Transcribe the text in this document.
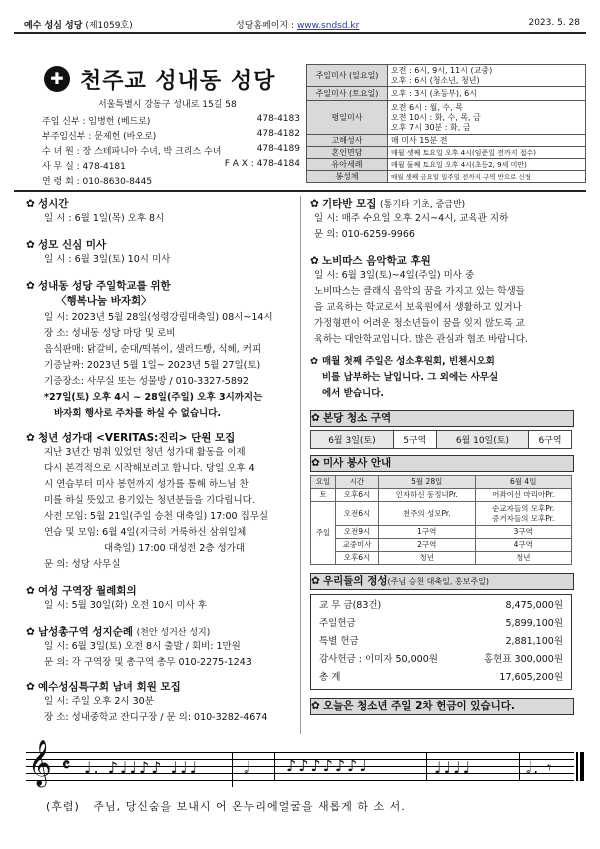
예수 성심 성당 (제1059호)	성당홈페이지 : www.sndsd.kr	2023. 5. 28
✚ 천주교 성내동 성당
서울특별시 강동구 성내로 15길 58
주임 신부 : 임병헌 (베드로)	478-4183
부주임신부 : 문제헌 (바오로)	478-4182
수 녀 원 : 장 스테파니아 수녀, 박 크리스 수녀	478-4189
사 무 실 : 478-4181	F A X : 478-4184
연 령 회 : 010-8630-8445
주일미사 (일요일)	오전 : 6시, 9시, 11시 (교중)
오후 : 6시 (청소년, 청년)

주일미사 (토요일)	오후 : 3시 (초등부), 6시
평일미사	오전 6시 : 월, 수, 목
오전 10시 : 화, 수, 목, 금
오후 7시 30분 : 화, 금

고해성사	매 미사 15분 전
혼인면담	매월 셋째 토요일 오후 4시(임준일 전까지 접수)
유아세례	매월 둘째 토요일 오후 4시(초등2, 9세 미만)
봉성체	매월 셋째 금요일 일주일 전까지 구역 반으로 신청
✿ 성시간
일 시 : 6월 1일(목) 오후 8시
✿ 성모 신심 미사
일 시 : 6월 3일(토) 10시 미사
✿ 성내동 성당 주일학교를 위한
〈행복나눔 바자회〉
일 시: 2023년 5월 28일(성령강림대축일) 08시~14시
장 소: 성내동 성당 마당 및 로비
음식판매: 닭갈비, 순대/떡볶이, 샐러드빵, 식혜, 커피
기증날짜: 2023년 5월 1일~ 2023년 5월 27일(토)
기증장소: 사무실 또는 성물방 / 010-3327-5892
*27일(토) 오후 4시 ~ 28일(주일) 오후 3시까지는
바자회 행사로 주차를 하실 수 없습니다.
✿ 청년 성가대 <VERITAS:진리> 단원 모집
지난 3년간 멈춰 있었던 청년 성가대 활동을 이제
다시 본격적으로 시작해보려고 합니다. 당일 오후 4
시 연습부터 미사 봉헌까지 성가를 통해 하느님 찬
미를 하실 뜻있고 용기있는 청년분들을 기다립니다.
사전 모임: 5월 21일(주일 승천 대축일) 17:00 집무실
연습 및 모임: 6월 4일(지극히 거룩하신 삼위일체
대축일) 17:00 대성전 2층 성가대
문 의: 성당 사무실
✿ 여성 구역장 월례회의
일 시: 5월 30일(화) 오전 10시 미사 후
✿ 남성총구역 성지순례 (천안 성거산 성지)
일 시: 6월 3일(토) 오전 8시 출발 / 회비: 1만원
문 의: 각 구역장 및 총구역 총무 010-2275-1243
✿ 예수성심특구회 남녀 회원 모집
일 시: 주일 오후 2시 30분
장 소: 성내중학교 잔디구장 / 문 의: 010-3282-4674
✿ 기타반 모집 (통기타 기초, 중급반)
일 시: 매주 수요일 오후 2시~4시, 교육관 지하
문 의: 010-6259-9966
✿ 노비따스 음악학교 후원
일 시: 6월 3일(토)~4일(주일) 미사 중
노비따스는 클래식 음악의 꿈을 가지고 있는 학생들
을 교육하는 학교로서 보육원에서 생활하고 있거나
가정형편이 어려운 청소년들이 꿈을 잊지 않도록 교
육하는 대안학교입니다. 많은 관심과 협조 바랍니다.
✿ 매월 첫째 주일은 성소후원회, 빈첸시오회
비를 납부하는 날입니다. 그 외에는 사무실
에서 받습니다.
✿ 본당 청소 구역
6월 3일(토)	5구역	6월 10일(토)	6구역
✿ 미사 봉사 안내
요일	시간	5월 28일	6월 4일
토	오후6시	인자하신 동정녀Pr.	어좌이신 마리아Pr.
주일	오전6시	천주의 성모Pr.	순교자들의 모후Pr.
증거자들의 모후Pr.

	오전9시	1구역	3구역
	교중미사	2구역	4구역
	오후6시	청년	청년
✿ 우리들의 정성(주님 승천 대축일, 홍보주일)
교 무 금(83건)	8,475,000원
주일헌금	5,899,100원
특별 헌금	2,881,100원
감사헌금 : 이미자 50,000원	홍현표 300,000원
총 계	17,605,200원
✿ 오늘은 청소년 주일 2차 헌금이 있습니다.
𝄞 𝄴 ♩. ♪♩♩♪♪ ♩♩♩	𝅗𝅥 ♪♪♪♪♪♪♩	♩♩♩♩	𝅗𝅥. 𝄾
(후렴) 주님, 당신숨을 보내시 어 온누리에얼굴을 새롭게 하 소 서.
